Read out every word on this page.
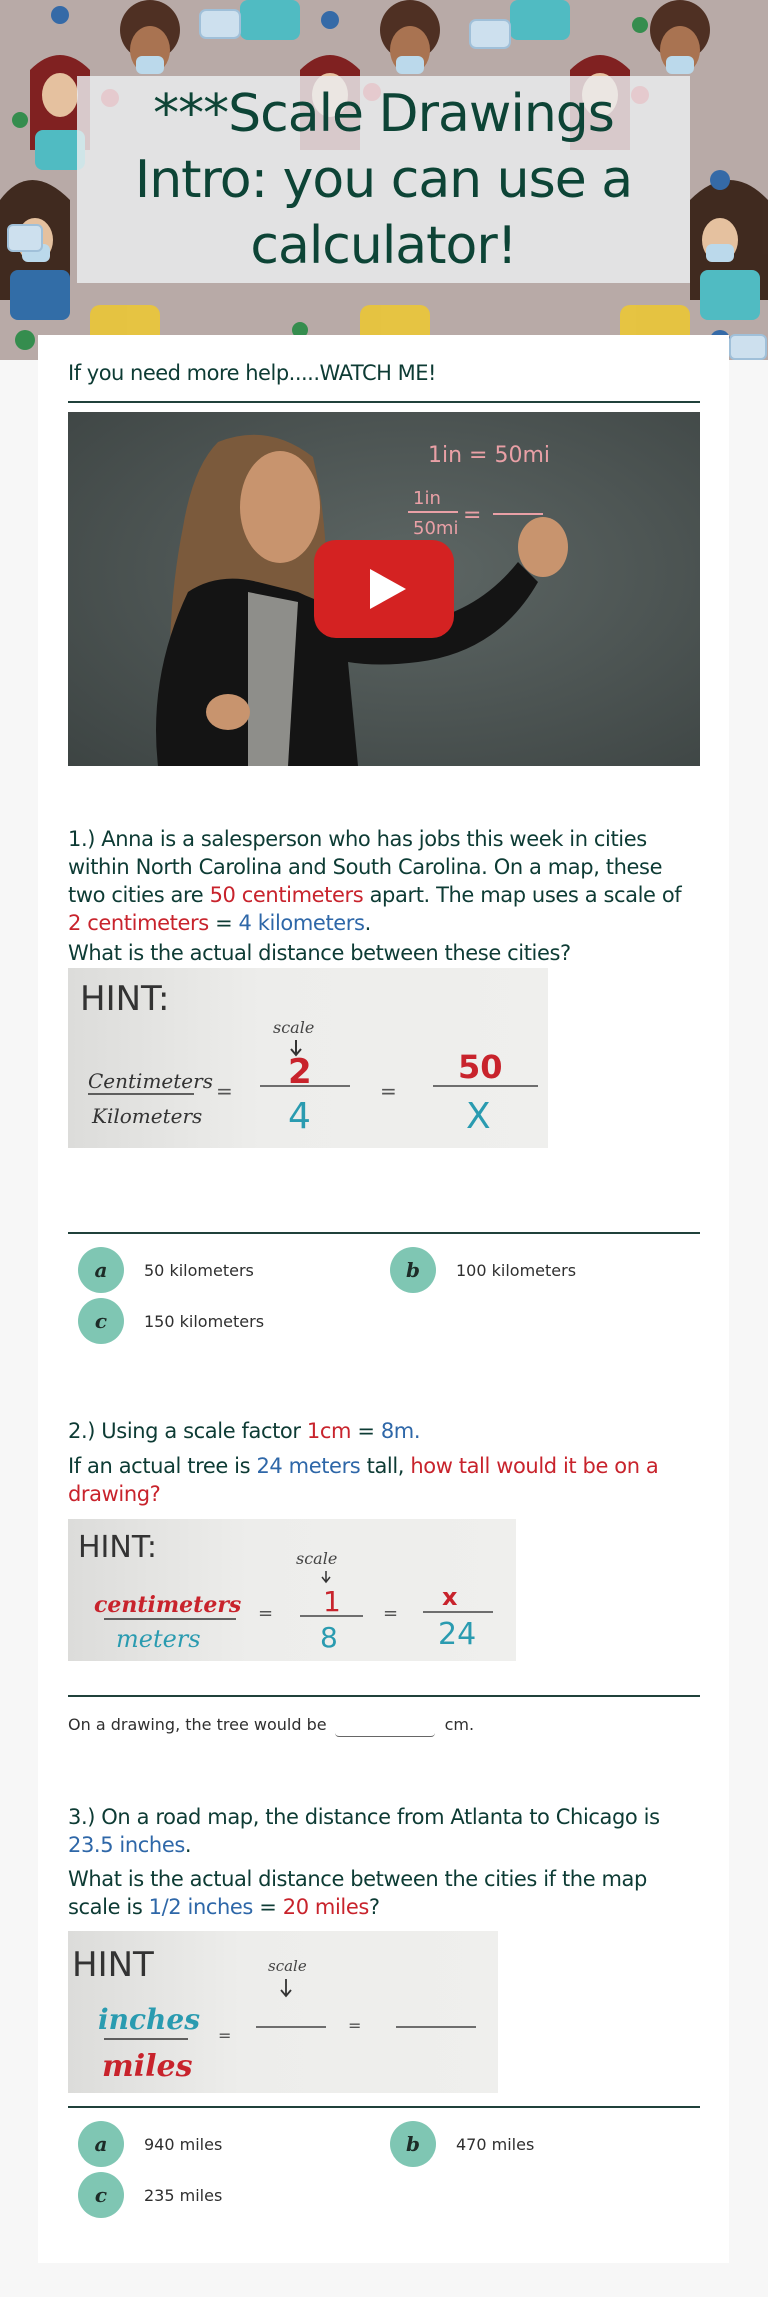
***Scale Drawings Intro: you can use a calculator!
If you need more help.....WATCH ME!
1in = 50mi
1in
50mi
=
1.) Anna is a salesperson who has jobs this week in cities within North Carolina and South Carolina. On a map, these two cities are 50 centimeters apart. The map uses a scale of 2 centimeters = 4 kilometers.
What is the actual distance between these cities?
HINT:
scale
Centimeters
Kilometers
= 2
4
=
50
X
a	50 kilometers	b	100 kilometers
c	150 kilometers
2.) Using a scale factor 1cm = 8m.
If an actual tree is 24 meters tall, how tall would it be on a drawing?
HINT:	scale
centimeters
meters
= 1
8
=
x
24
On a drawing, the tree would be	cm.
3.) On a road map, the distance from Atlanta to Chicago is 23.5 inches.
What is the actual distance between the cities if the map scale is 1/2 inches = 20 miles?
HINT	scale
inches
miles
=
=
a	940 miles	b	470 miles
c	235 miles
